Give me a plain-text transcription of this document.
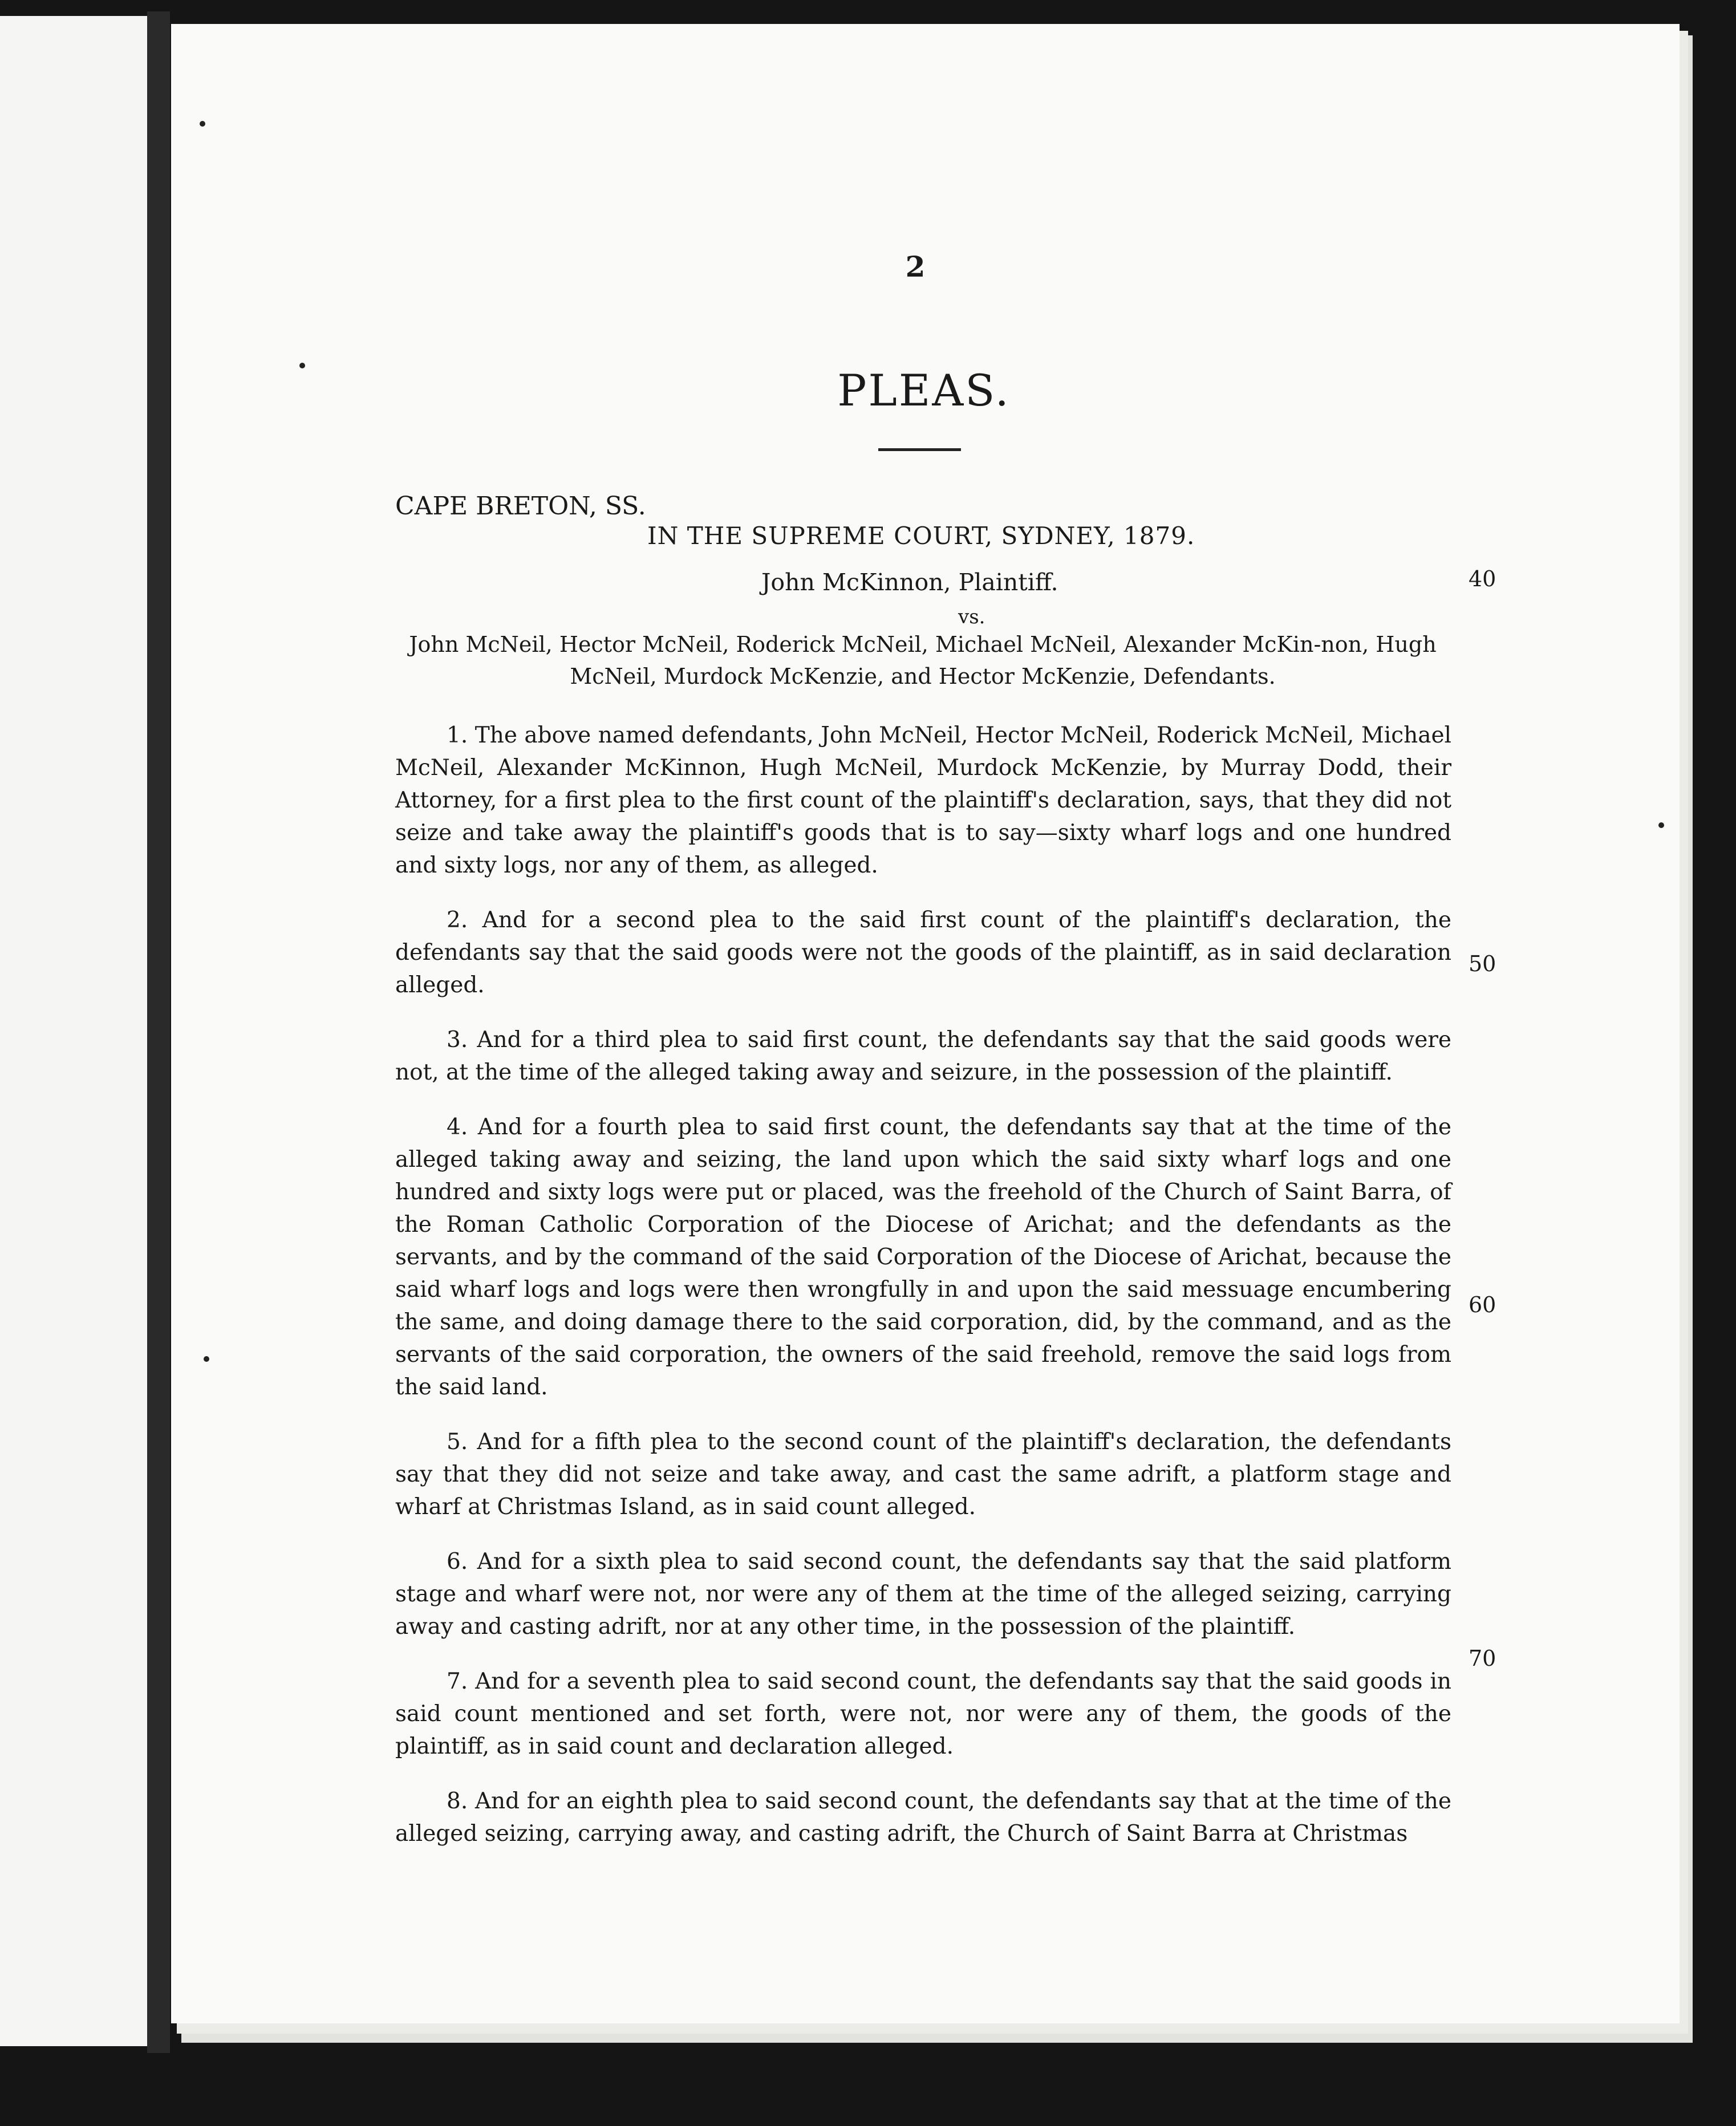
2
PLEAS.
CAPE BRETON, SS.
IN THE SUPREME COURT, SYDNEY, 1879.
John McKinnon, Plaintiff.
vs.
John McNeil, Hector McNeil, Roderick McNeil, Michael McNeil, Alexander McKin-non, Hugh McNeil, Murdock McKenzie, and Hector McKenzie, Defendants.

1. The above named defendants, John McNeil, Hector McNeil, Roderick McNeil, Michael McNeil, Alexander McKinnon, Hugh McNeil, Murdock McKenzie, by Murray Dodd, their Attorney, for a first plea to the first count of the plaintiff's declaration, says, that they did not seize and take away the plaintiff's goods that is to say—sixty wharf logs and one hundred and sixty logs, nor any of them, as alleged.

2. And for a second plea to the said first count of the plaintiff's declaration, the defendants say that the said goods were not the goods of the plaintiff, as in said declaration alleged.

3. And for a third plea to said first count, the defendants say that the said goods were not, at the time of the alleged taking away and seizure, in the possession of the plaintiff.

4. And for a fourth plea to said first count, the defendants say that at the time of the alleged taking away and seizing, the land upon which the said sixty wharf logs and one hundred and sixty logs were put or placed, was the freehold of the Church of Saint Barra, of the Roman Catholic Corporation of the Diocese of Arichat; and the defendants as the servants, and by the command of the said Corporation of the Diocese of Arichat, because the said wharf logs and logs were then wrongfully in and upon the said messuage encumbering the same, and doing damage there to the said corporation, did, by the command, and as the servants of the said corporation, the owners of the said freehold, remove the said logs from the said land.

5. And for a fifth plea to the second count of the plaintiff's declaration, the defendants say that they did not seize and take away, and cast the same adrift, a platform stage and wharf at Christmas Island, as in said count alleged.

6. And for a sixth plea to said second count, the defendants say that the said platform stage and wharf were not, nor were any of them at the time of the alleged seizing, carrying away and casting adrift, nor at any other time, in the possession of the plaintiff.

7. And for a seventh plea to said second count, the defendants say that the said goods in said count mentioned and set forth, were not, nor were any of them, the goods of the plaintiff, as in said count and declaration alleged.

8. And for an eighth plea to said second count, the defendants say that at the time of the alleged seizing, carrying away, and casting adrift, the Church of Saint Barra at Christmas

40
50
60
70
